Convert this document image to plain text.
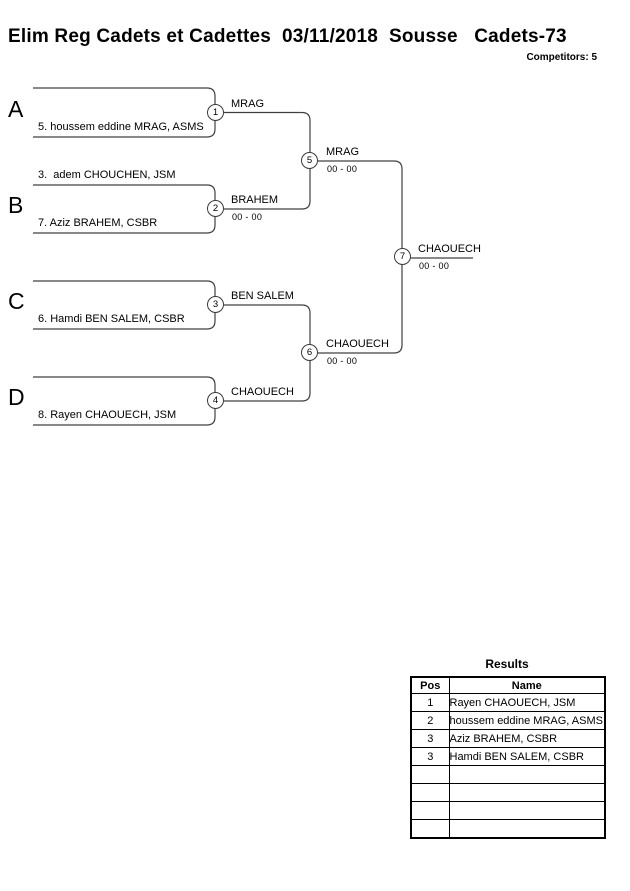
Elim Reg Cadets et Cadettes  03/11/2018  Sousse   Cadets-73
Competitors: 5
A
B
C
D
5. houssem eddine MRAG, ASMS
3.  adem CHOUCHEN, JSM
7. Aziz BRAHEM, CSBR
6. Hamdi BEN SALEM, CSBR
8. Rayen CHAOUECH, JSM
1
2
3
4
5
6
7
MRAG
BRAHEM
BEN SALEM
CHAOUECH
MRAG
CHAOUECH
CHAOUECH
00 - 00
00 - 00
00 - 00
00 - 00
Results
Pos	Name
1	Rayen CHAOUECH, JSM
2	houssem eddine MRAG, ASMS
3	Aziz BRAHEM, CSBR
3	Hamdi BEN SALEM, CSBR
